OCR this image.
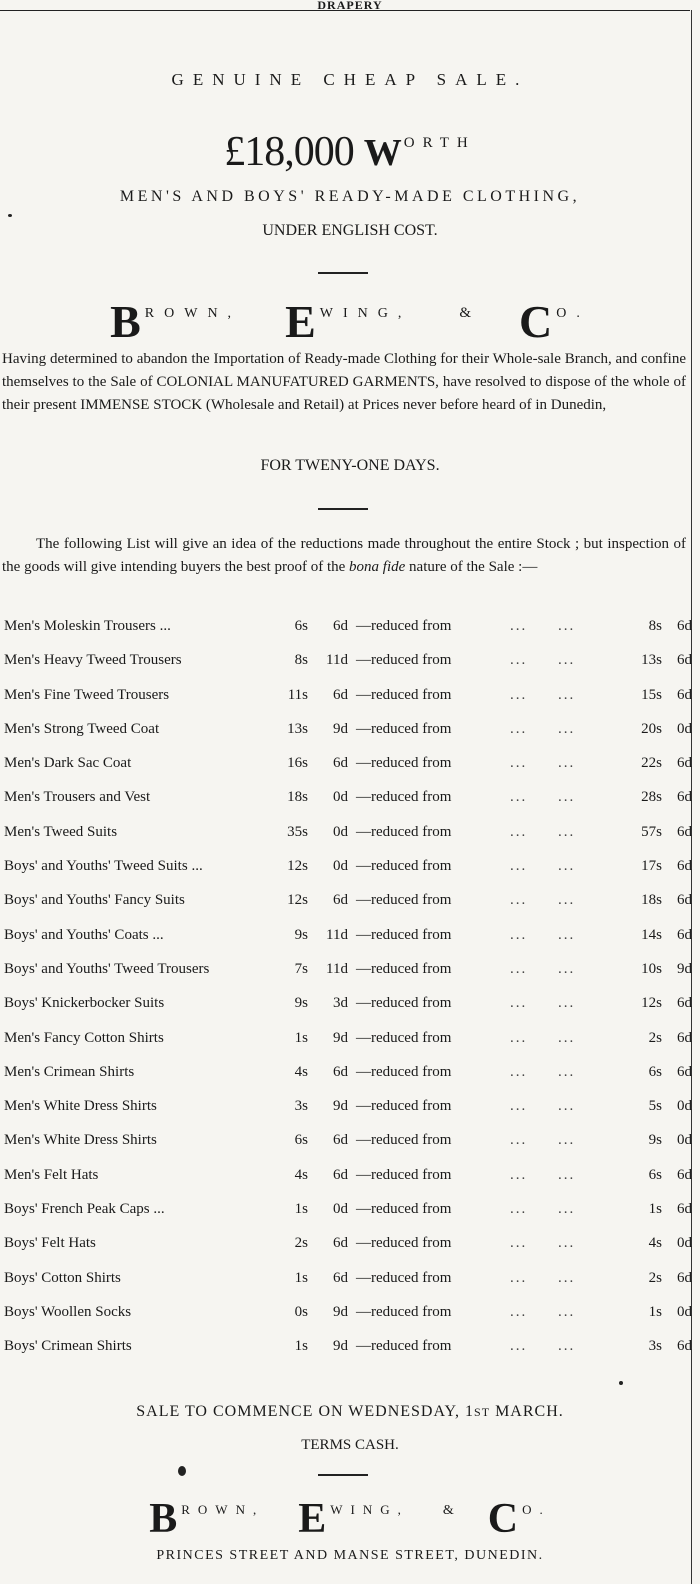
DRAPERY
GENUINE CHEAP SALE.
£18,000 W ORTH
MEN'S AND BOYS' READY-MADE CLOTHING,
UNDER ENGLISH COST.
B ROWN, E WING,	& C O.
Having determined to abandon the Importation of Ready-made Clothing for their Whole-sale Branch, and confine themselves to the Sale of COLONIAL MANUFATURED GARMENTS, have resolved to dispose of the whole of their present IMMENSE STOCK (Wholesale and Retail) at Prices never before heard of in Dunedin,
FOR TWENY-ONE DAYS.
The following List will give an idea of the reductions made throughout the entire Stock ; but inspection of the goods will give intending buyers the best proof of the bona fide nature of the Sale :—
Men's Moleskin Trousers ...	6s	6d —reduced from	8s	6d
... ...
Men's Heavy Tweed Trousers	8s	11d —reduced from	13s	6d
... ...
Men's Fine Tweed Trousers	11s	6d —reduced from	15s	6d
... ...
Men's Strong Tweed Coat	13s	9d —reduced from	20s	0d
... ...
Men's Dark Sac Coat	16s	6d —reduced from	22s	6d
... ...
Men's Trousers and Vest	18s	0d —reduced from	28s	6d
... ...
Men's Tweed Suits	35s	0d —reduced from	57s	6d
... ...
Boys' and Youths' Tweed Suits ...	12s	0d —reduced from	17s	6d
... ...
Boys' and Youths' Fancy Suits	12s	6d —reduced from	18s	6d
... ...
Boys' and Youths' Coats ...	9s	11d —reduced from	14s	6d
... ...
Boys' and Youths' Tweed Trousers	7s	11d —reduced from	10s	9d
... ...
Boys' Knickerbocker Suits	9s	3d —reduced from	12s	6d
... ...
Men's Fancy Cotton Shirts	1s	9d —reduced from	2s	6d
... ...
Men's Crimean Shirts	4s	6d —reduced from	6s	6d
... ...
Men's White Dress Shirts	3s	9d —reduced from	5s	0d
... ...
Men's White Dress Shirts	6s	6d —reduced from	9s	0d
... ...
Men's Felt Hats	4s	6d —reduced from	6s	6d
... ...
Boys' French Peak Caps ...	1s	0d —reduced from	1s	6d
... ...
Boys' Felt Hats	2s	6d —reduced from	4s	0d
... ...
Boys' Cotton Shirts	1s	6d —reduced from	2s	6d
... ...
Boys' Woollen Socks	0s	9d —reduced from	1s	0d
... ...
Boys' Crimean Shirts	1s	9d —reduced from	3s	6d
... ...
SALE TO COMMENCE ON WEDNESDAY, 1ST MARCH.
TERMS CASH.
B $^{ROWN,}$ E $^{WING,}$ & C $^{O.}$
PRINCES STREET AND MANSE STREET, DUNEDIN.
